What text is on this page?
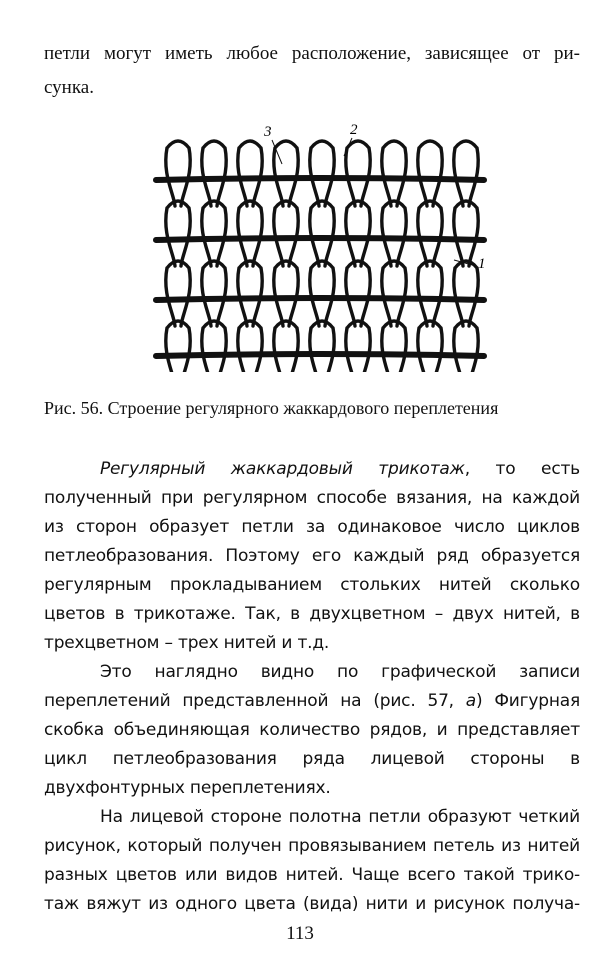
петли могут иметь любое расположение, зависящее от ри-

сунка.

3	2
1

Рис. 56. Строение регулярного жаккардового переплетения

Регулярный жаккардовый трикотаж, то есть

полученный при регулярном способе вязания, на каждой

из сторон образует петли за одинаковое число циклов

петлеобразования. Поэтому его каждый ряд образуется

регулярным прокладыванием стольких нитей сколько

цветов в трикотаже. Так, в двухцветном – двух нитей, в

трехцветном – трех нитей и т.д.

Это наглядно видно по графической записи

переплетений представленной на (рис. 57, а) Фигурная

скобка объединяющая количество рядов, и представляет

цикл петлеобразования ряда лицевой стороны в

двухфонтурных переплетениях.

На лицевой стороне полотна петли образуют четкий

рисунок, который получен провязыванием петель из нитей

разных цветов или видов нитей. Чаще всего такой трико-

таж вяжут из одного цвета (вида) нити и рисунок получа-

113
